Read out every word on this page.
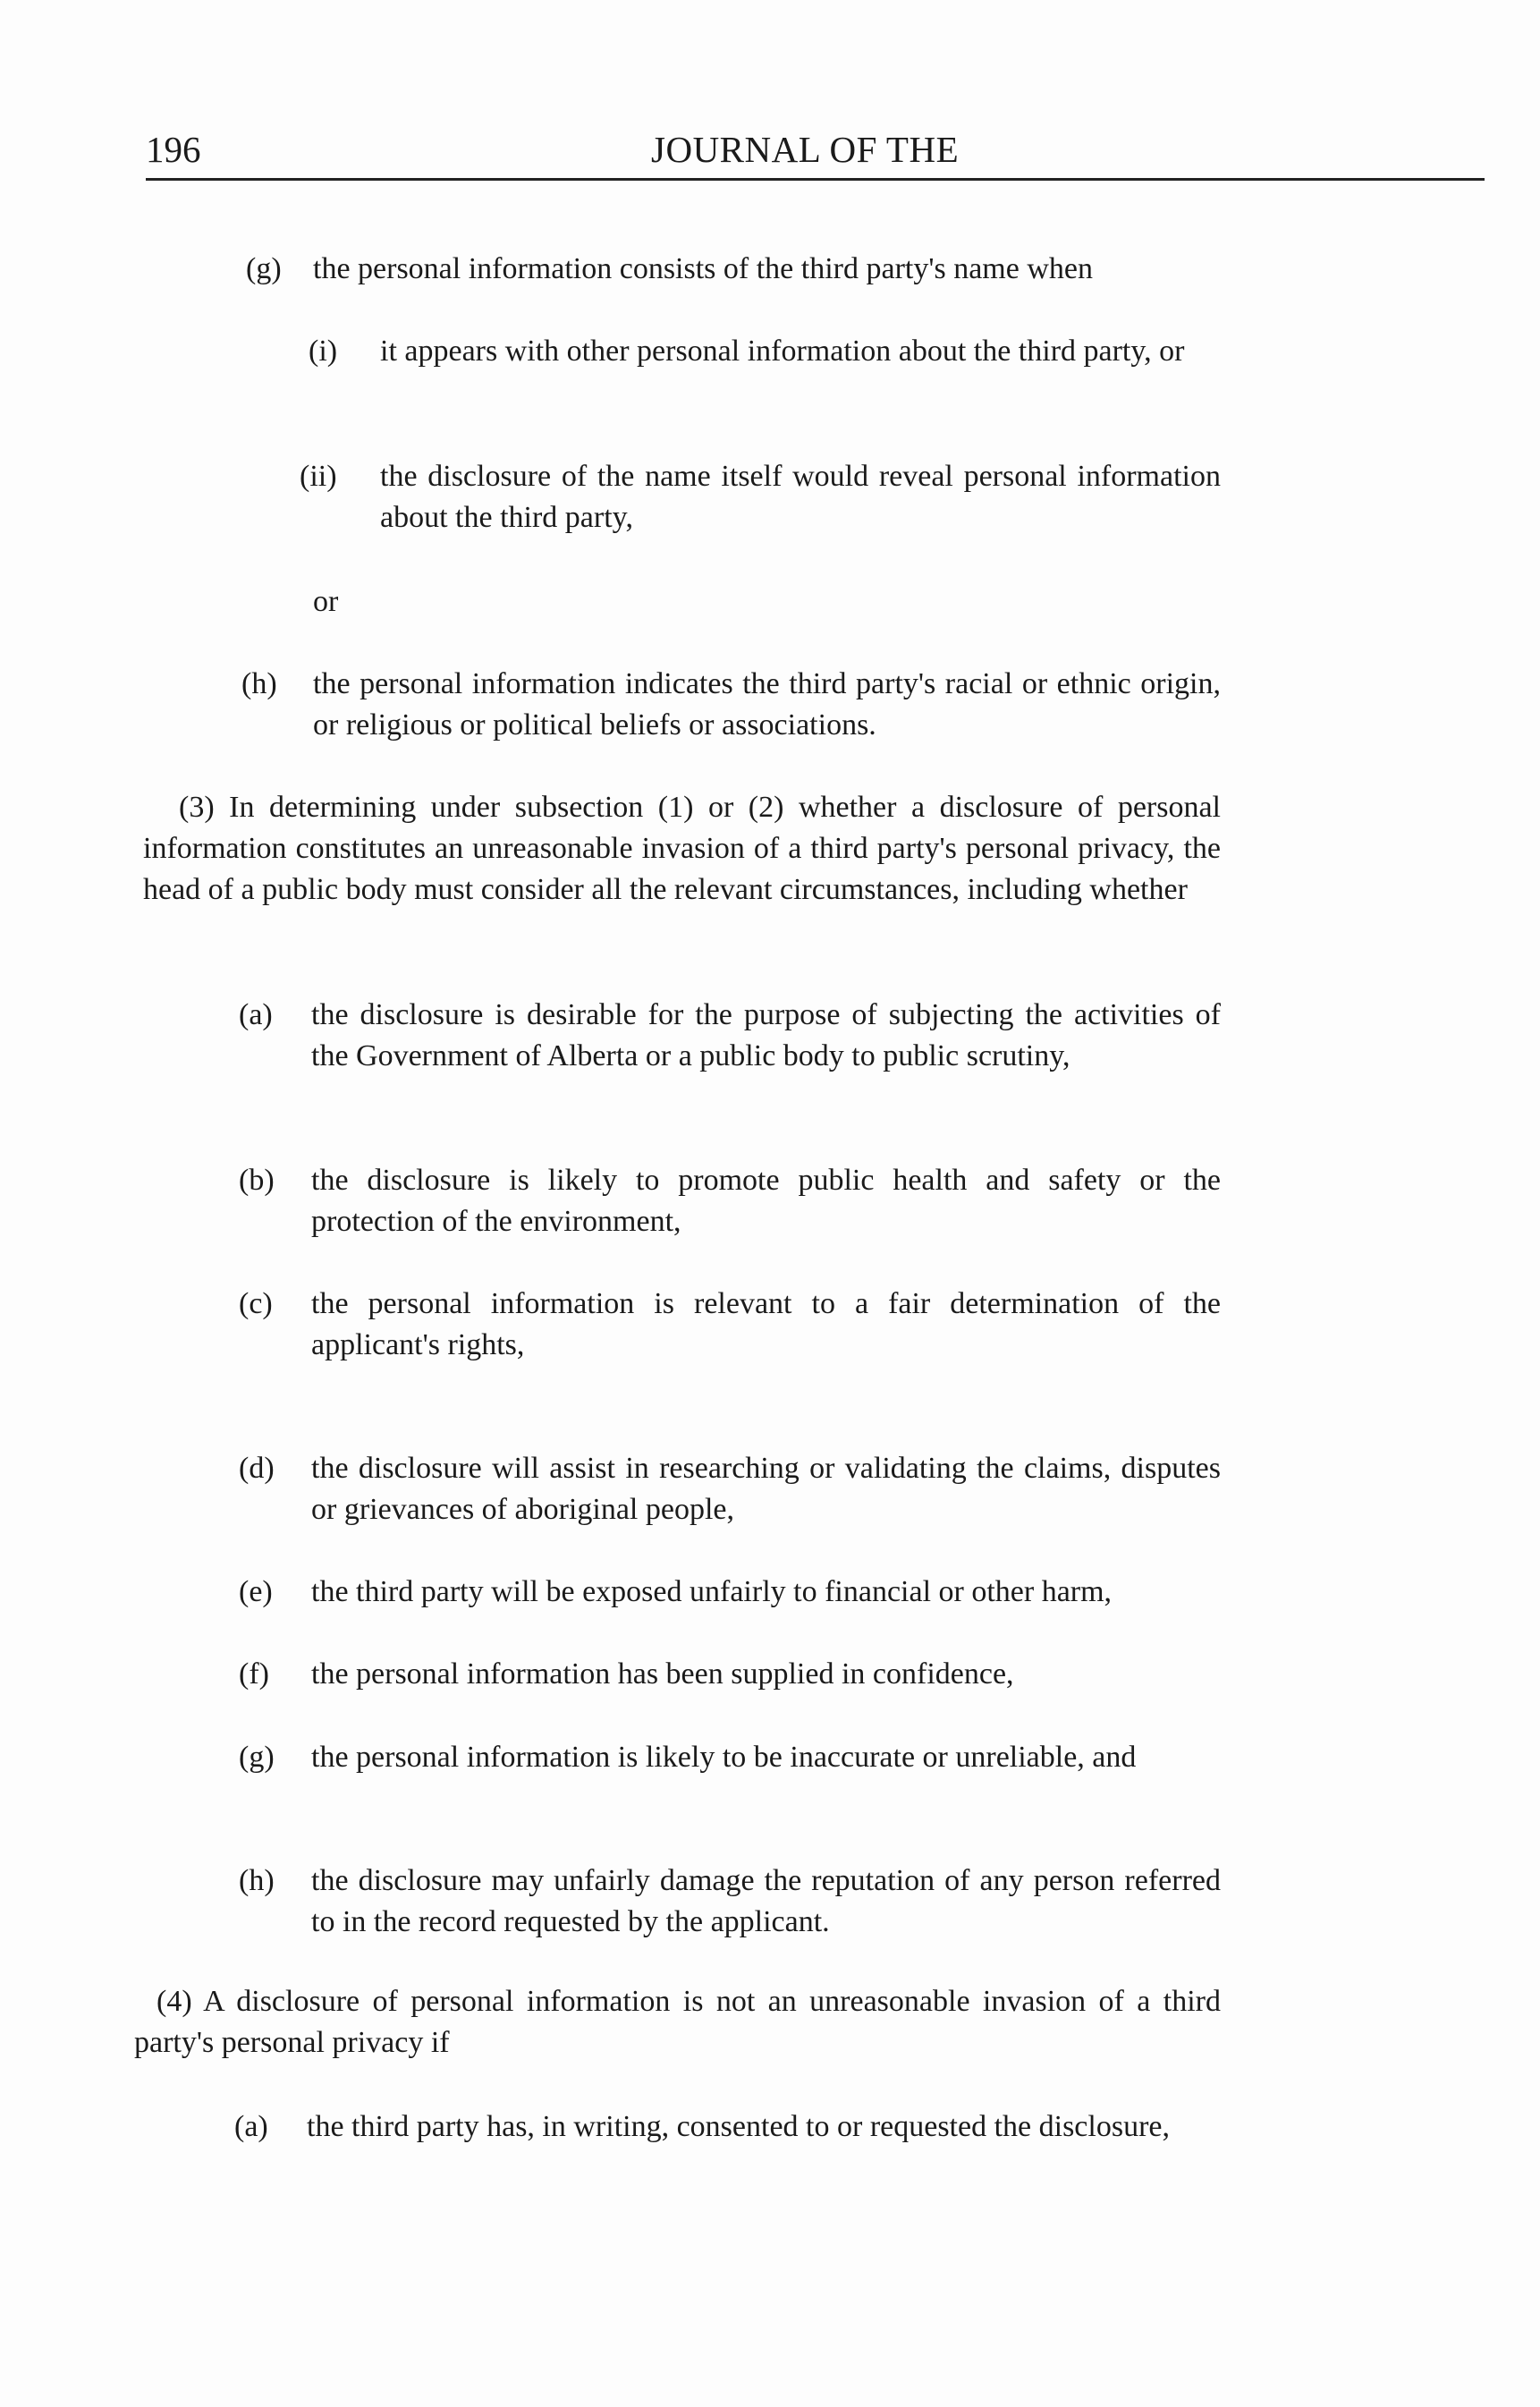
196	JOURNAL OF THE
(g) the personal information consists of the third party's name when
(i) it appears with other personal information about the third party, or
(ii) the disclosure of the name itself would reveal personal information about the third party,
or
(h) the personal information indicates the third party's racial or ethnic origin, or religious or political beliefs or associations.
(3) In determining under subsection (1) or (2) whether a disclosure of personal information constitutes an unreasonable invasion of a third party's personal privacy, the head of a public body must consider all the relevant circumstances, including whether
(a) the disclosure is desirable for the purpose of subjecting the activities of the Government of Alberta or a public body to public scrutiny,
(b) the disclosure is likely to promote public health and safety or the protection of the environment,
(c) the personal information is relevant to a fair determination of the applicant's rights,
(d) the disclosure will assist in researching or validating the claims, disputes or grievances of aboriginal people,
(e) the third party will be exposed unfairly to financial or other harm,
(f) the personal information has been supplied in confidence,
(g) the personal information is likely to be inaccurate or unreliable, and
(h) the disclosure may unfairly damage the reputation of any person referred to in the record requested by the applicant.
(4) A disclosure of personal information is not an unreasonable invasion of a third party's personal privacy if
(a) the third party has, in writing, consented to or requested the disclosure,
